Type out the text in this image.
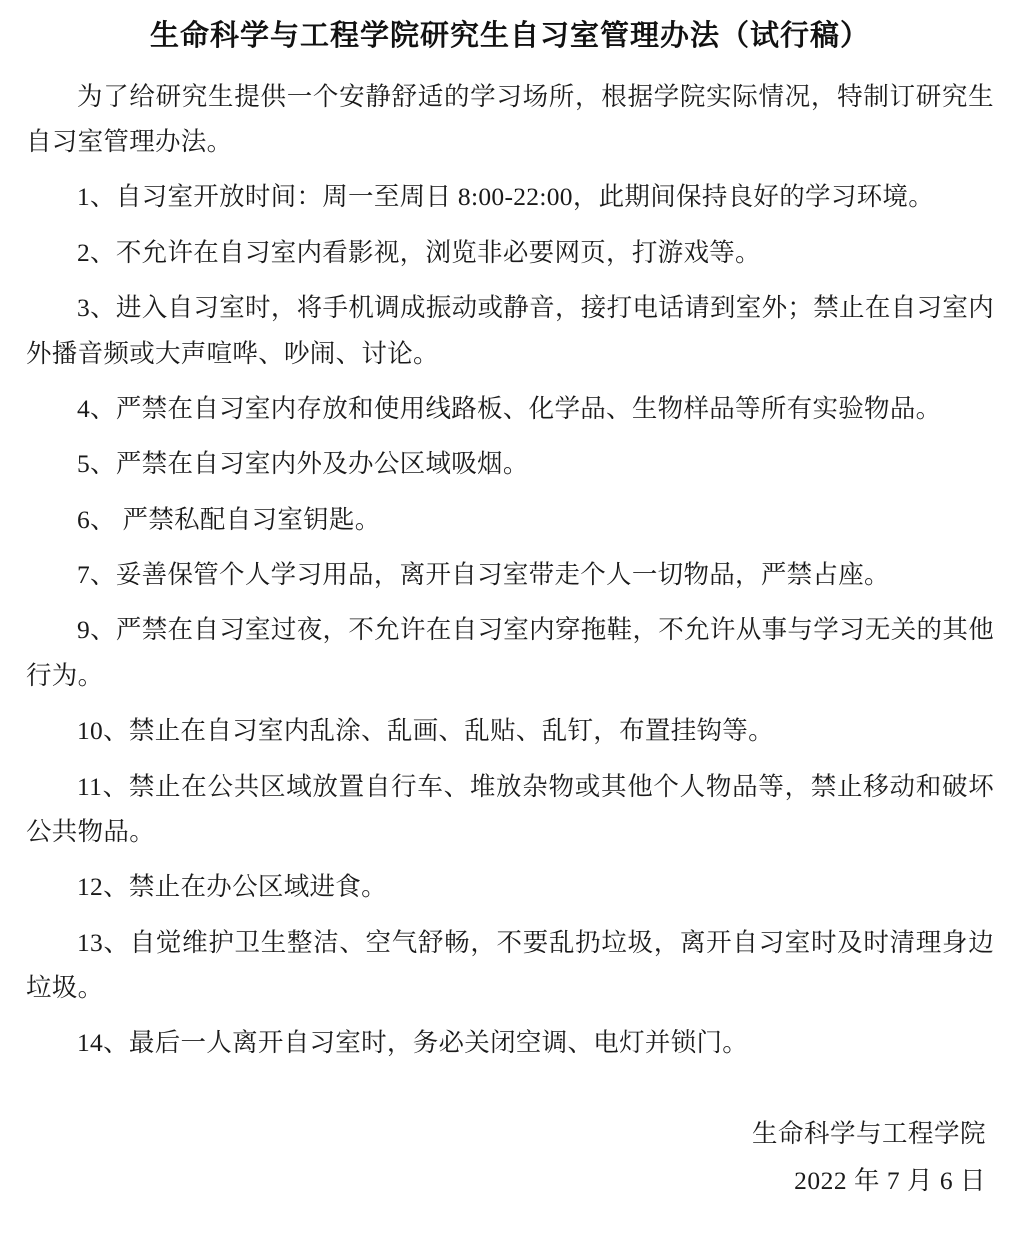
生命科学与工程学院研究生自习室管理办法（试行稿）

为了给研究生提供一个安静舒适的学习场所，根据学院实际情况，特制订研究生自习室管理办法。

1、自习室开放时间：周一至周日 8:00-22:00，此期间保持良好的学习环境。

2、不允许在自习室内看影视，浏览非必要网页，打游戏等。

3、进入自习室时，将手机调成振动或静音，接打电话请到室外；禁止在自习室内外播音频或大声喧哗、吵闹、讨论。

4、严禁在自习室内存放和使用线路板、化学品、生物样品等所有实验物品。

5、严禁在自习室内外及办公区域吸烟。

6、 严禁私配自习室钥匙。

7、妥善保管个人学习用品，离开自习室带走个人一切物品，严禁占座。

9、严禁在自习室过夜，不允许在自习室内穿拖鞋，不允许从事与学习无关的其他行为。

10、禁止在自习室内乱涂、乱画、乱贴、乱钉，布置挂钩等。

11、禁止在公共区域放置自行车、堆放杂物或其他个人物品等，禁止移动和破坏公共物品。

12、禁止在办公区域进食。

13、自觉维护卫生整洁、空气舒畅，不要乱扔垃圾，离开自习室时及时清理身边垃圾。

14、最后一人离开自习室时，务必关闭空调、电灯并锁门。

生命科学与工程学院
2022 年 7 月 6 日
